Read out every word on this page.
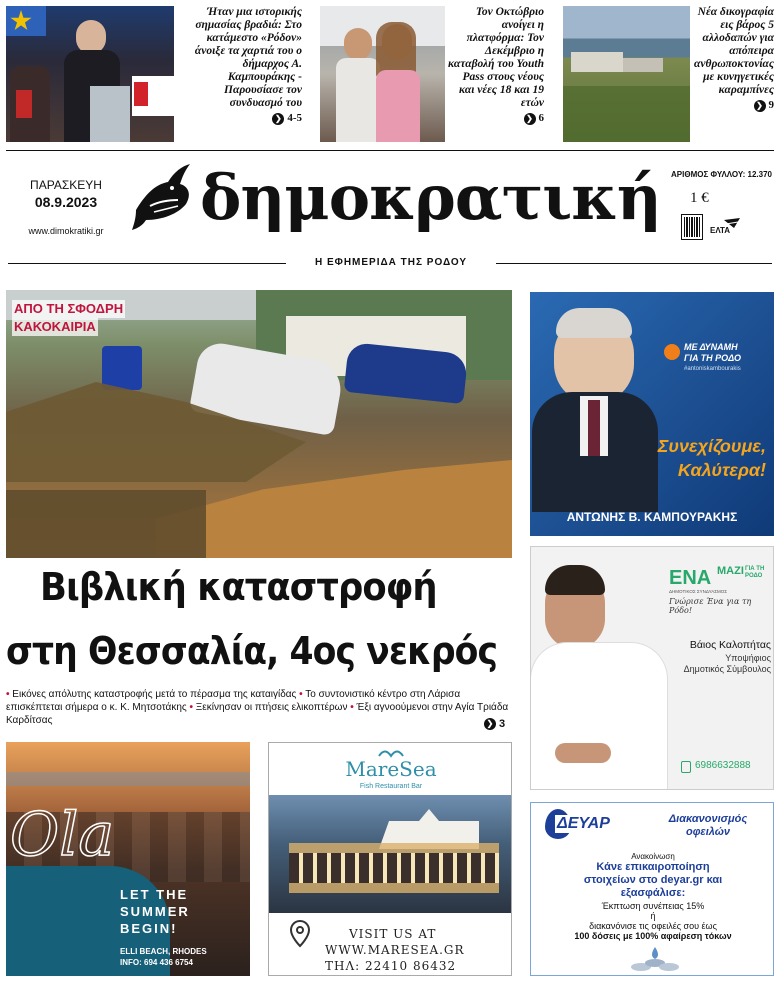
Ήταν μια ιστορικής σημασίας βραδιά: Στο κατάμεστο «Ρόδον» άνοιξε τα χαρτιά του ο δήμαρχος Α. Καμπουράκης - Παρουσίασε τον συνδυασμό του
❯ 4-5
Τον Οκτώβριο ανοίγει η πλατφόρμα: Τον Δεκέμβριο η καταβολή του Youth Pass στους νέους και νέες 18 και 19 ετών
❯ 6
Νέα δικογραφία εις βάρος 5 αλλοδαπών για απόπειρα ανθρωποκτονίας με κυνηγετικές καραμπίνες
❯ 9
ΠΑΡΑΣΚΕΥΗ
08.9.2023
www.dimokratiki.gr δημοκρατική	ΑΡΙΘΜΟΣ ΦΥΛΛΟΥ: 12.370
1 €
ΕΛΤΑ
Η ΕΦΗΜΕΡΙΔΑ ΤΗΣ ΡΟΔΟΥ
ΑΠΟ ΤΗ ΣΦΟΔΡΗ
ΚΑΚΟΚΑΙΡΙΑ
Βιβλική καταστροφή
στη Θεσσαλία, 4ος νεκρός
• Εικόνες απόλυτης καταστροφής μετά το πέρασμα της καταιγίδας • Το συντονιστικό κέντρο στη Λάρισα επισκέπτεται σήμερα ο κ. Κ. Μητσοτάκης • Ξεκίνησαν οι πτήσεις ελικοπτέρων • Έξι αγνοούμενοι στην Αγία Τριάδα Καρδίτσας	❯ 3
ΜΕ ΔΥΝΑΜΗ
ΓΙΑ ΤΗ ΡΟΔΟ
#antoniskambourakis
Συνεχίζουμε,
Καλύτερα!
ΑΝΤΩΝΗΣ Β. ΚΑΜΠΟΥΡΑΚΗΣ
ΕΝΑ ΜΑΖΙ ΓΙΑ ΤΗ ΡΟΔΟ
ΔΗΜΟΤΙΚΟΣ ΣΥΝΔΥΑΣΜΟΣ
Γνώρισε Ένα για τη Ρόδο!
Βάιος Καλοπήτας
Υποψήφιος
Δημοτικός Σύμβουλος
6986632888
Ola
LET THE
SUMMER
BEGIN!
ELLI BEACH, RHODES
INFO: 694 436 6754
MareSea
Fish Restaurant Bar
VISIT US AT
WWW.MARESEA.GR
ΤΗΛ: 22410 86432
ΔΕΥΑΡ	Διακανονισμός
οφειλών
Ανακοίνωση
Κάνε επικαιροποίηση
στοιχείων στο deyar.gr και
εξασφάλισε:
Έκπτωση συνέπειας 15%
ή
διακανόνισε τις οφειλές σου έως
100 δόσεις με 100% αφαίρεση τόκων
